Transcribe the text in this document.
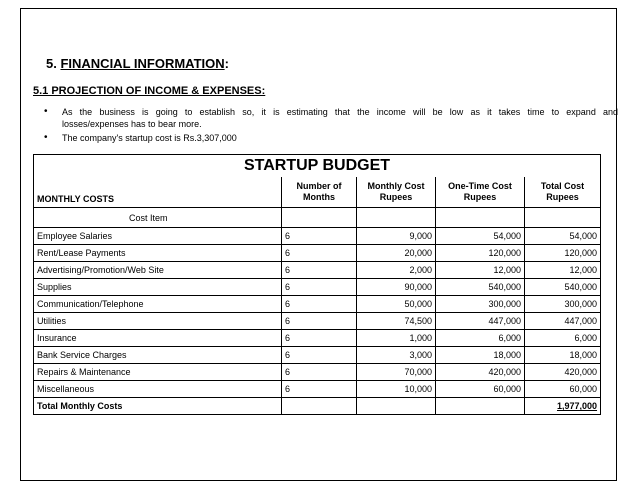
5. FINANCIAL INFORMATION:
5.1 PROJECTION OF INCOME & EXPENSES:
• As the business is going to establish so, it is estimating that the income will be low as it takes time to expand and
losses/expenses has to bear more.
• The company's startup cost is Rs.3,307,000
STARTUP BUDGET				
MONTHLY COSTS	Number of Months	Monthly Cost Rupees	One-Time Cost Rupees	Total Cost Rupees
Cost Item				
Employee Salaries	6	9,000	54,000	54,000
Rent/Lease Payments	6	20,000	120,000	120,000
Advertising/Promotion/Web Site	6	2,000	12,000	12,000
Supplies	6	90,000	540,000	540,000
Communication/Telephone	6	50,000	300,000	300,000
Utilities	6	74,500	447,000	447,000
Insurance	6	1,000	6,000	6,000
Bank Service Charges	6	3,000	18,000	18,000
Repairs & Maintenance	6	70,000	420,000	420,000
Miscellaneous	6	10,000	60,000	60,000
Total Monthly Costs				1,977,000
